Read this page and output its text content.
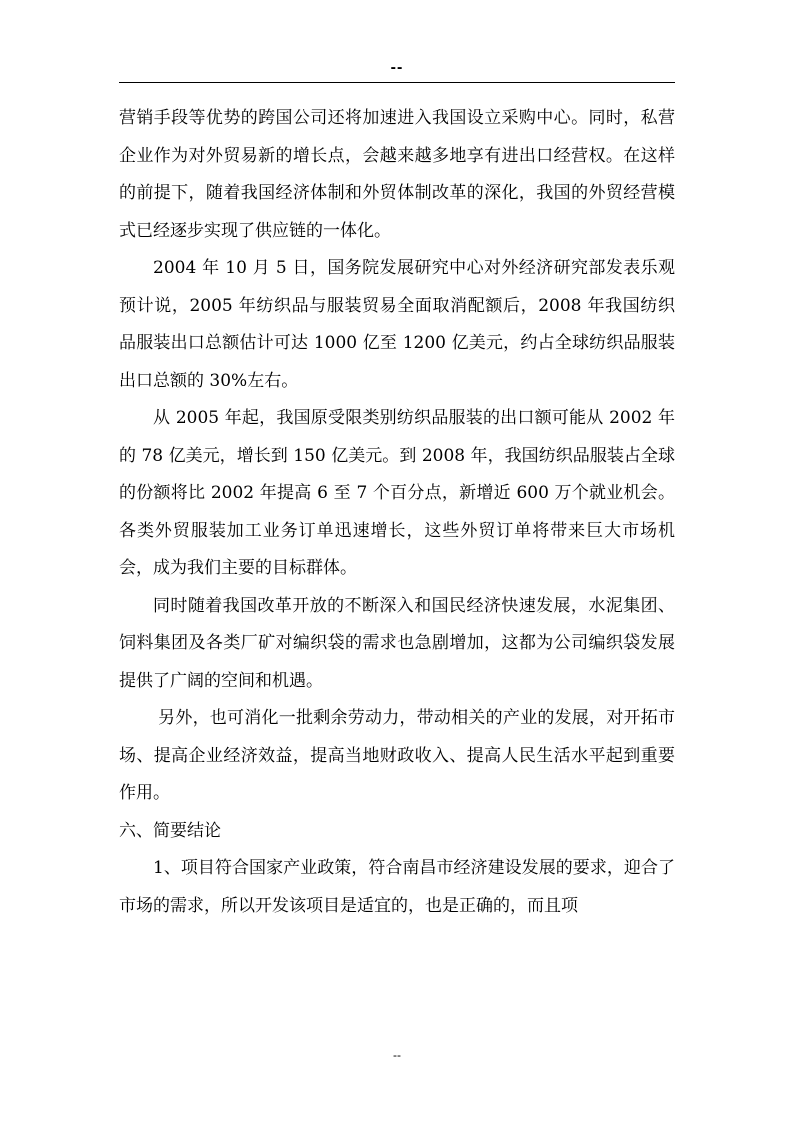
--

营销手段等优势的跨国公司还将加速进入我国设立采购中心。同时，私营企业作为对外贸易新的增长点，会越来越多地享有进出口经营权。在这样的前提下，随着我国经济体制和外贸体制改革的深化，我国的外贸经营模式已经逐步实现了供应链的一体化。

2004 年 10 月 5 日，国务院发展研究中心对外经济研究部发表乐观预计说，2005 年纺织品与服装贸易全面取消配额后，2008 年我国纺织品服装出口总额估计可达 1000 亿至 1200 亿美元，约占全球纺织品服装出口总额的 30%左右。

从 2005 年起，我国原受限类别纺织品服装的出口额可能从 2002 年的 78 亿美元，增长到 150 亿美元。到 2008 年，我国纺织品服装占全球的份额将比 2002 年提高 6 至 7 个百分点，新增近 600 万个就业机会。各类外贸服装加工业务订单迅速增长，这些外贸订单将带来巨大市场机会，成为我们主要的目标群体。

同时随着我国改革开放的不断深入和国民经济快速发展，水泥集团、饲料集团及各类厂矿对编织袋的需求也急剧增加，这都为公司编织袋发展提供了广阔的空间和机遇。

另外，也可消化一批剩余劳动力，带动相关的产业的发展，对开拓市场、提高企业经济效益，提高当地财政收入、提高人民生活水平起到重要作用。

六、简要结论

1、项目符合国家产业政策，符合南昌市经济建设发展的要求，迎合了市场的需求，所以开发该项目是适宜的，也是正确的，而且项

--
